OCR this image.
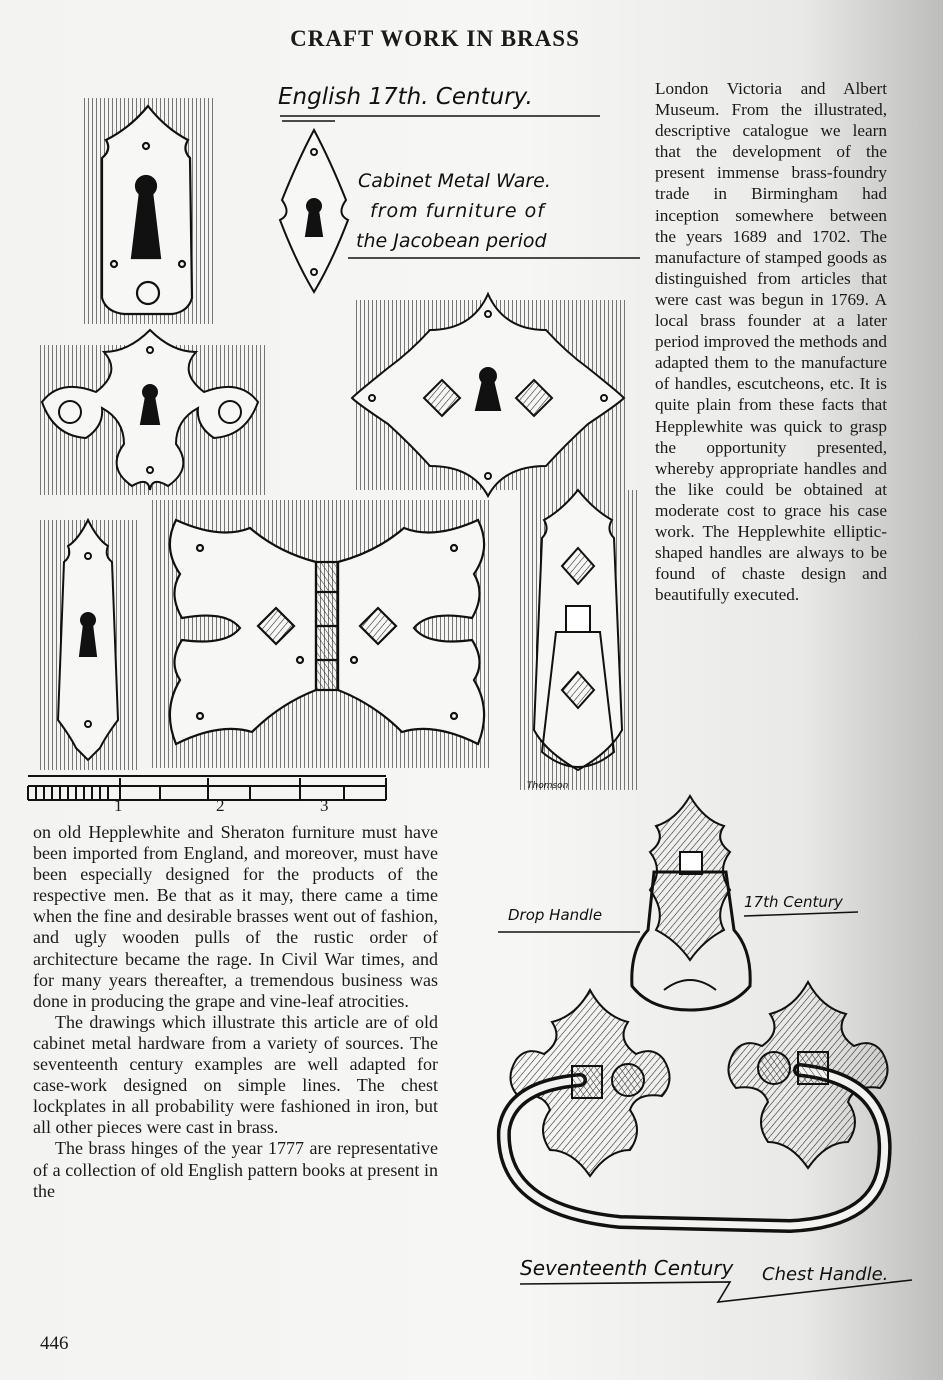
CRAFT WORK IN BRASS
English 17th. Century.
Cabinet Metal Ware.
from furniture of
the Jacobean period
Drop Handle
17th Century
Seventeenth Century Chest Handle.
Thomson
1	2	3

London Victoria and Albert Museum. From the illustrated, descriptive catalogue we learn that the development of the present immense brass-foundry trade in Birmingham had inception somewhere between the years 1689 and 1702. The manufacture of stamped goods as distinguished from articles that were cast was begun in 1769. A local brass founder at a later period improved the methods and adapted them to the manufacture of handles, escutcheons, etc. It is quite plain from these facts that Hepplewhite was quick to grasp the opportunity presented, whereby appropriate handles and the like could be obtained at moderate cost to grace his case work. The Hepplewhite elliptic-shaped handles are always to be found of chaste design and beautifully executed.

on old Hepplewhite and Sheraton furniture must have been imported from England, and moreover, must have been especially designed for the products of the respective men. Be that as it may, there came a time when the fine and desirable brasses went out of fashion, and ugly wooden pulls of the rustic order of architecture became the rage. In Civil War times, and for many years thereafter, a tremendous business was done in producing the grape and vine-leaf atrocities.

The drawings which illustrate this article are of old cabinet metal hardware from a variety of sources. The seventeenth century examples are well adapted for case-work designed on simple lines. The chest lockplates in all probability were fashioned in iron, but all other pieces were cast in brass.

The brass hinges of the year 1777 are representative of a collection of old English pattern books at present in the

446
